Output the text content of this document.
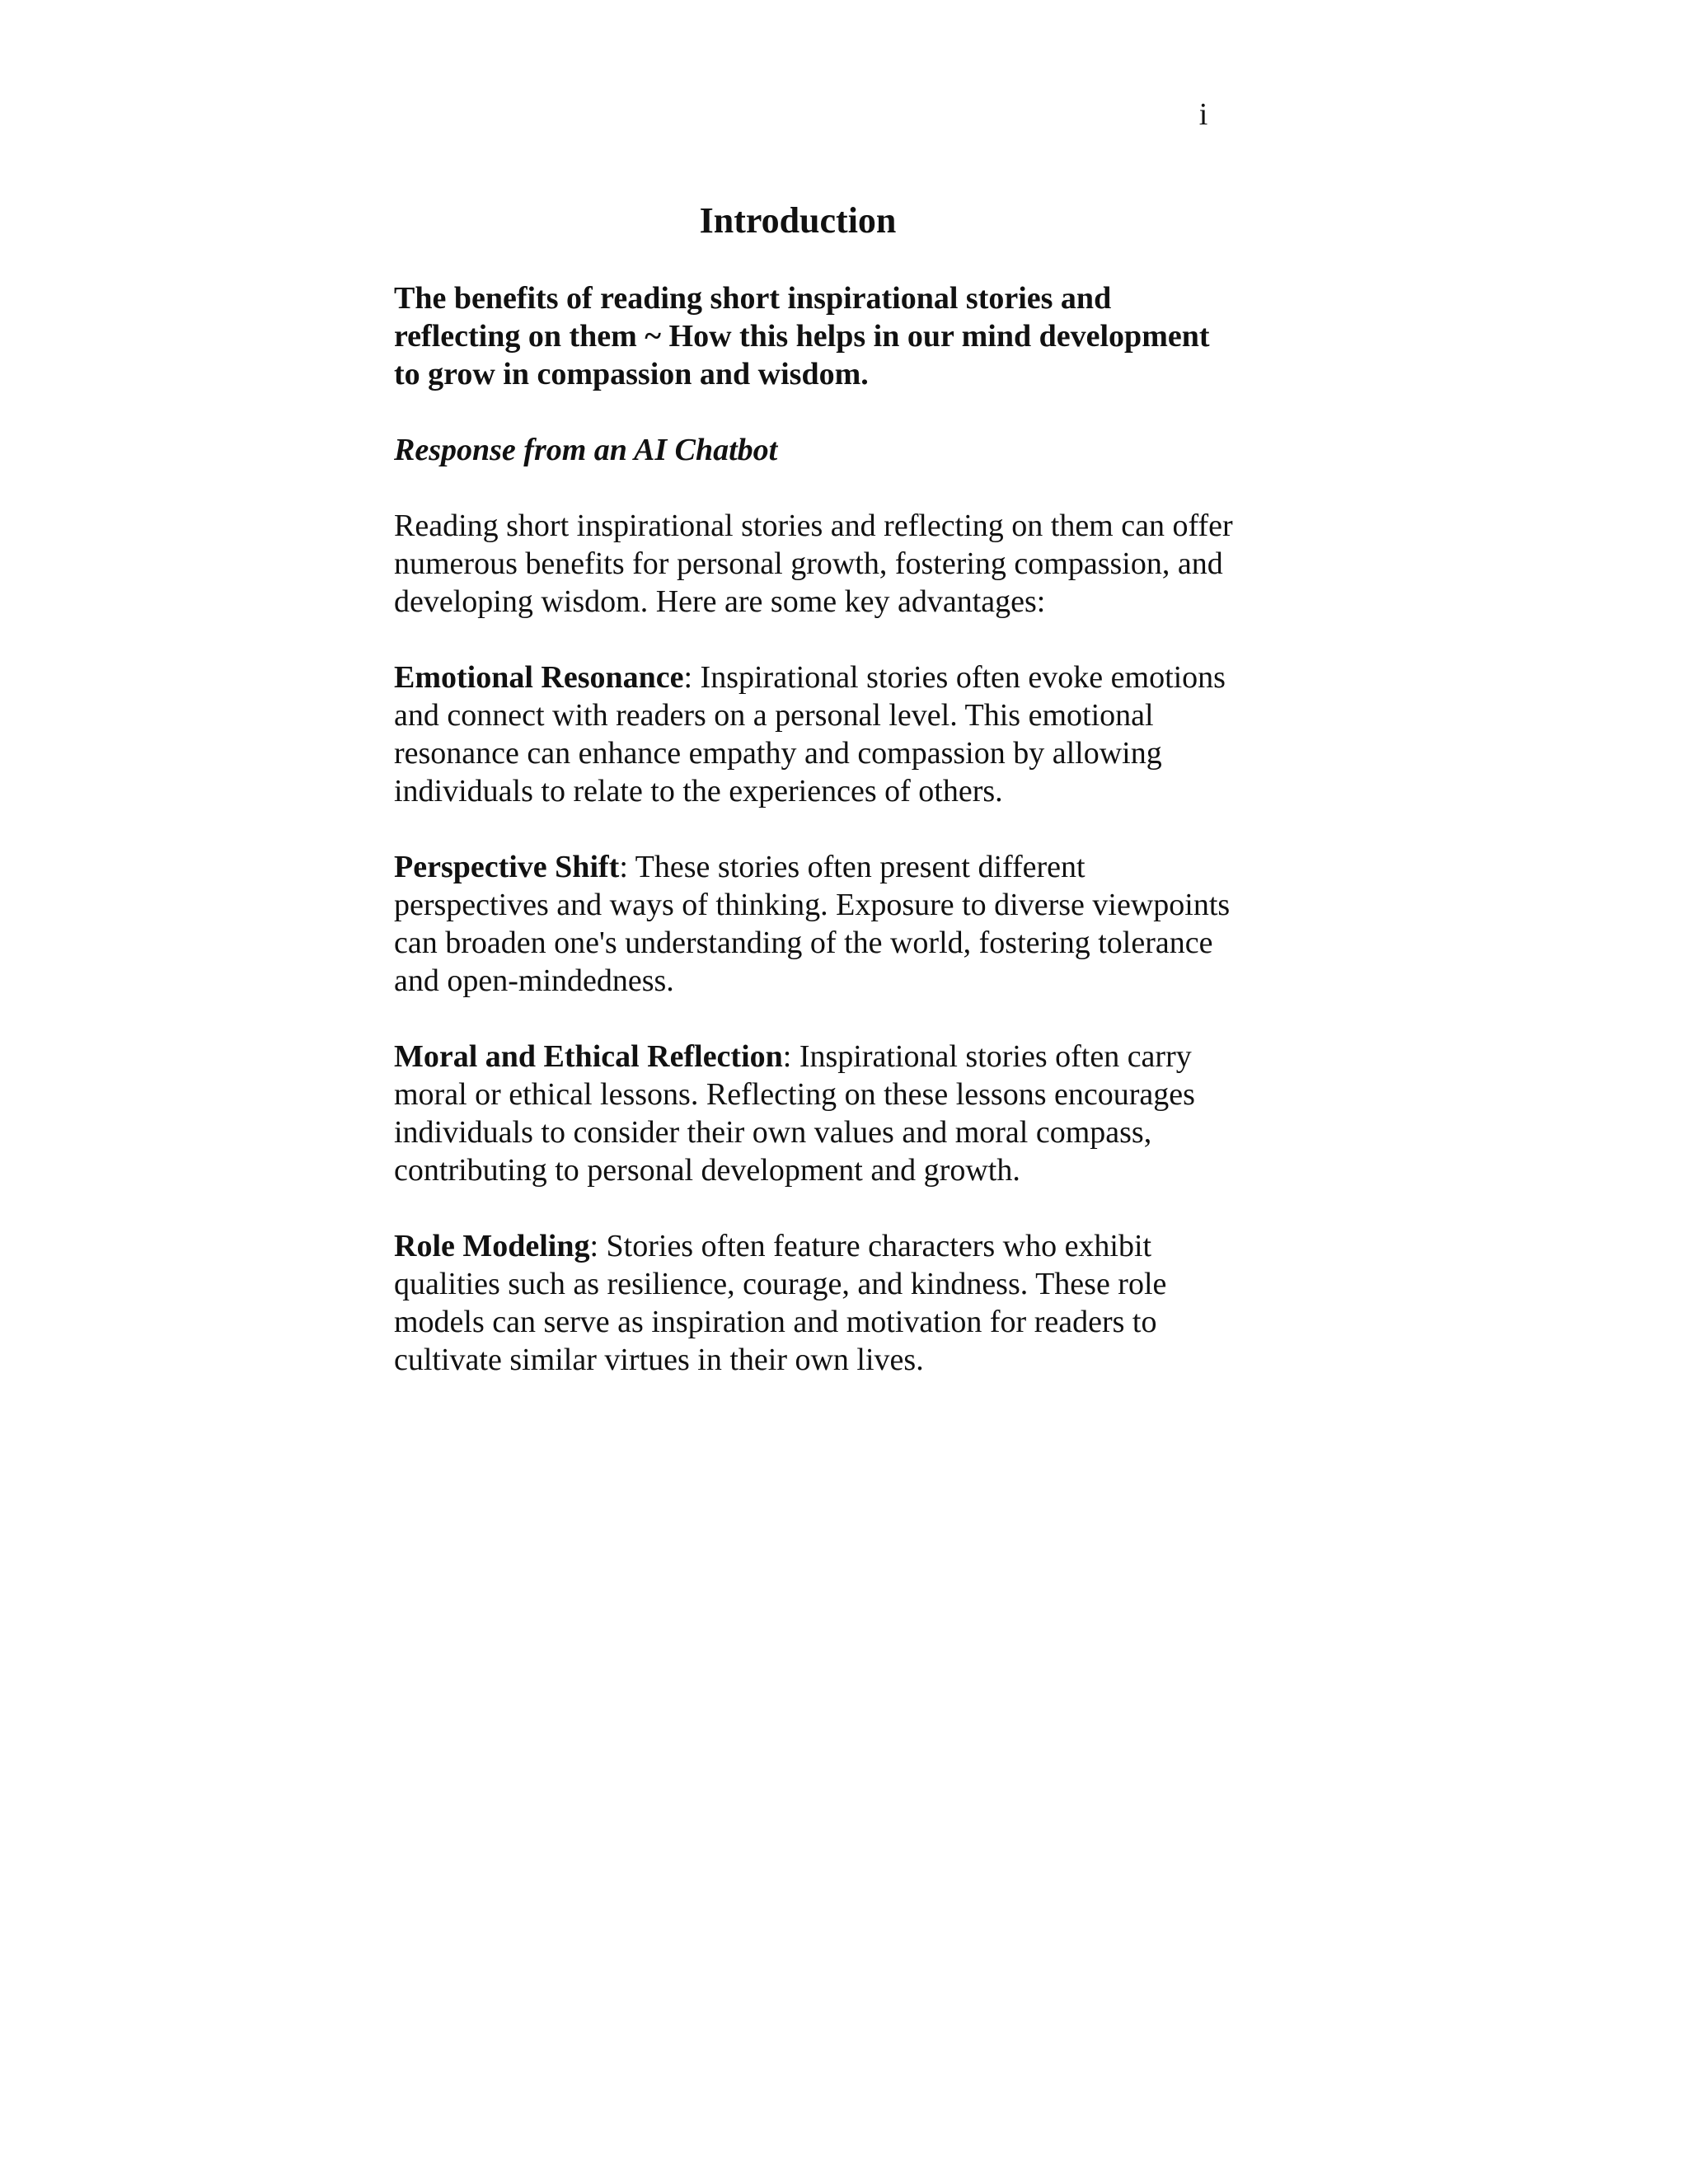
i
Introduction
The benefits of reading short inspirational stories and reflecting on them ~ How this helps in our mind development to grow in compassion and wisdom.
Response from an AI Chatbot

Reading short inspirational stories and reflecting on them can offer numerous benefits for personal growth, fostering compassion, and developing wisdom. Here are some key advantages:

Emotional Resonance: Inspirational stories often evoke emotions and connect with readers on a personal level. This emotional resonance can enhance empathy and compassion by allowing individuals to relate to the experiences of others.

Perspective Shift: These stories often present different perspectives and ways of thinking. Exposure to diverse viewpoints can broaden one's understanding of the world, fostering tolerance and open-mindedness.

Moral and Ethical Reflection: Inspirational stories often carry moral or ethical lessons. Reflecting on these lessons encourages individuals to consider their own values and moral compass, contributing to personal development and growth.

Role Modeling: Stories often feature characters who exhibit qualities such as resilience, courage, and kindness. These role models can serve as inspiration and motivation for readers to cultivate similar virtues in their own lives.
